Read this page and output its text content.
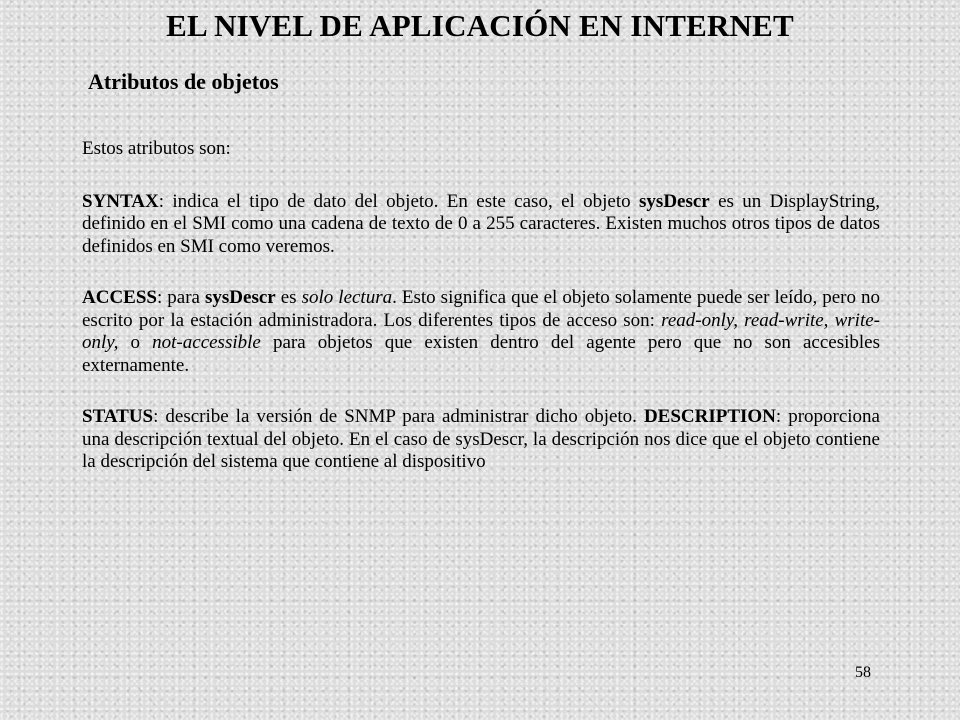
EL NIVEL DE APLICACIÓN EN INTERNET
Atributos de objetos

Estos atributos son:

SYNTAX: indica el tipo de dato del objeto. En este caso, el objeto sysDescr es un DisplayString, definido en el SMI como una cadena de texto de 0 a 255 caracteres. Existen muchos otros tipos de datos definidos en SMI como veremos.

ACCESS: para sysDescr es solo lectura. Esto significa que el objeto solamente puede ser leído, pero no escrito por la estación administradora. Los diferentes tipos de acceso son: read-only, read-write, write-only, o not-accessible para objetos que existen dentro del agente pero que no son accesibles externamente.

STATUS: describe la versión de SNMP para administrar dicho objeto. DESCRIPTION: proporciona una descripción textual del objeto. En el caso de sysDescr, la descripción nos dice que el objeto contiene la descripción del sistema que contiene al dispositivo

58
